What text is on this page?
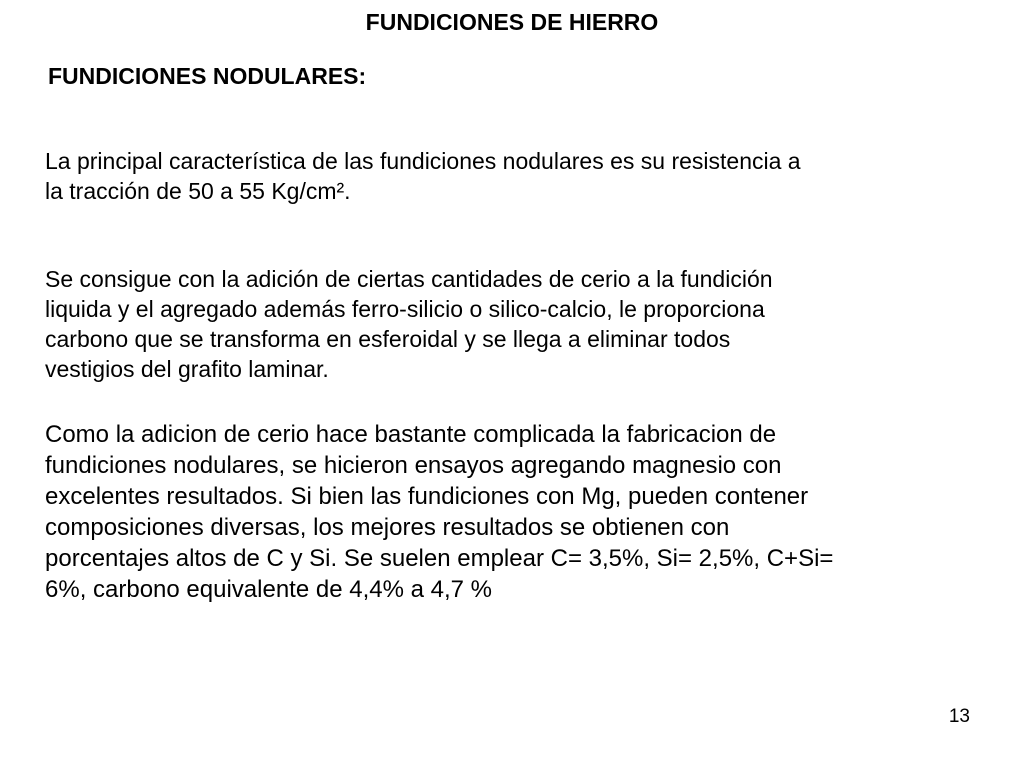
FUNDICIONES DE HIERRO
FUNDICIONES NODULARES:

La principal característica de las fundiciones nodulares es su resistencia a
la tracción de 50 a 55 Kg/cm².

Se consigue con la adición de ciertas cantidades de cerio a la fundición
liquida y el agregado además ferro-silicio o silico-calcio, le proporciona
carbono que se transforma en esferoidal y se llega a eliminar todos
vestigios del grafito laminar.

Como la adicion de cerio hace bastante complicada la fabricacion de
fundiciones nodulares, se hicieron ensayos agregando magnesio con
excelentes resultados. Si bien las fundiciones con Mg, pueden contener
composiciones diversas, los mejores resultados se obtienen con
porcentajes altos de C y Si. Se suelen emplear C= 3,5%, Si= 2,5%, C+Si=
6%, carbono equivalente de 4,4% a 4,7 %

13
